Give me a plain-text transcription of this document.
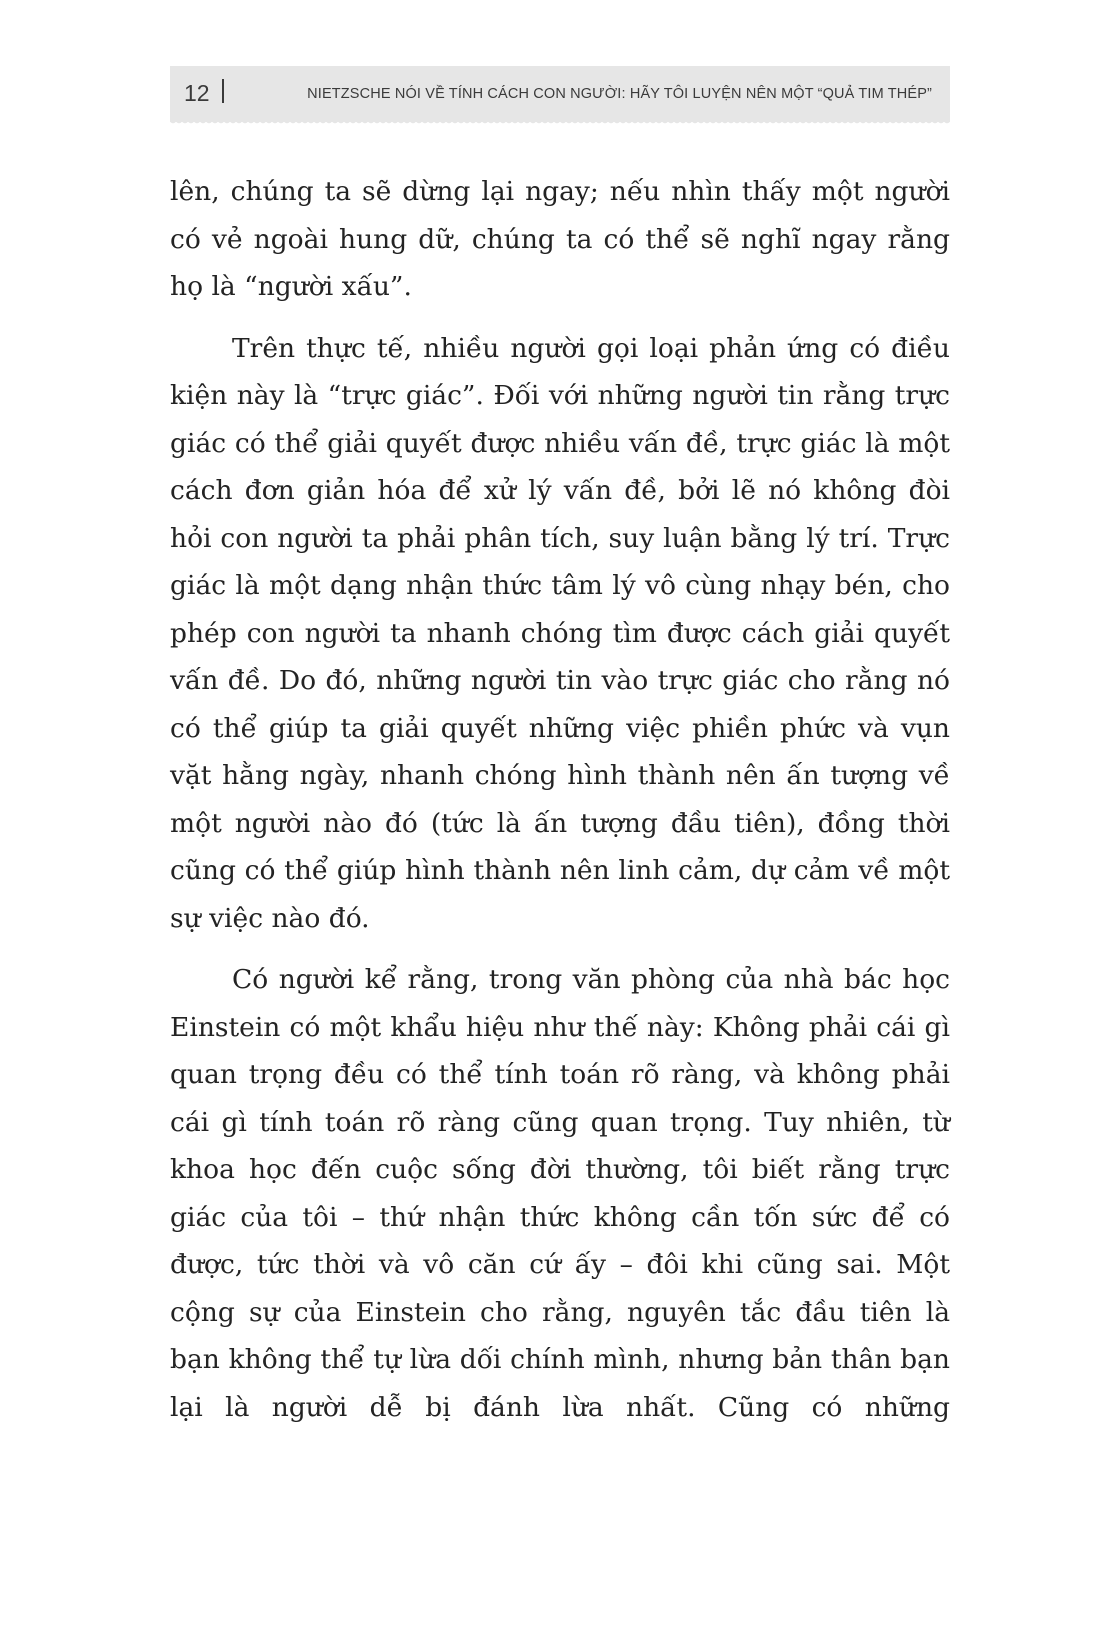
12	NIETZSCHE NÓI VỀ TÍNH CÁCH CON NGƯỜI: HÃY TÔI LUYỆN NÊN MỘT “QUẢ TIM THÉP”

lên, chúng ta sẽ dừng lại ngay; nếu nhìn thấy một người có vẻ ngoài hung dữ, chúng ta có thể sẽ nghĩ ngay rằng họ là “người xấu”.

Trên thực tế, nhiều người gọi loại phản ứng có điều kiện này là “trực giác”. Đối với những người tin rằng trực giác có thể giải quyết được nhiều vấn đề, trực giác là một cách đơn giản hóa để xử lý vấn đề, bởi lẽ nó không đòi hỏi con người ta phải phân tích, suy luận bằng lý trí. Trực giác là một dạng nhận thức tâm lý vô cùng nhạy bén, cho phép con người ta nhanh chóng tìm được cách giải quyết vấn đề. Do đó, những người tin vào trực giác cho rằng nó có thể giúp ta giải quyết những việc phiền phức và vụn vặt hằng ngày, nhanh chóng hình thành nên ấn tượng về một người nào đó (tức là ấn tượng đầu tiên), đồng thời cũng có thể giúp hình thành nên linh cảm, dự cảm về một sự việc nào đó.

Có người kể rằng, trong văn phòng của nhà bác học Einstein có một khẩu hiệu như thế này: Không phải cái gì quan trọng đều có thể tính toán rõ ràng, và không phải cái gì tính toán rõ ràng cũng quan trọng. Tuy nhiên, từ khoa học đến cuộc sống đời thường, tôi biết rằng trực giác của tôi – thứ nhận thức không cần tốn sức để có được, tức thời và vô căn cứ ấy – đôi khi cũng sai. Một cộng sự của Einstein cho rằng, nguyên tắc đầu tiên là bạn không thể tự lừa dối chính mình, nhưng bản thân bạn lại là người dễ bị đánh lừa nhất. Cũng có những
